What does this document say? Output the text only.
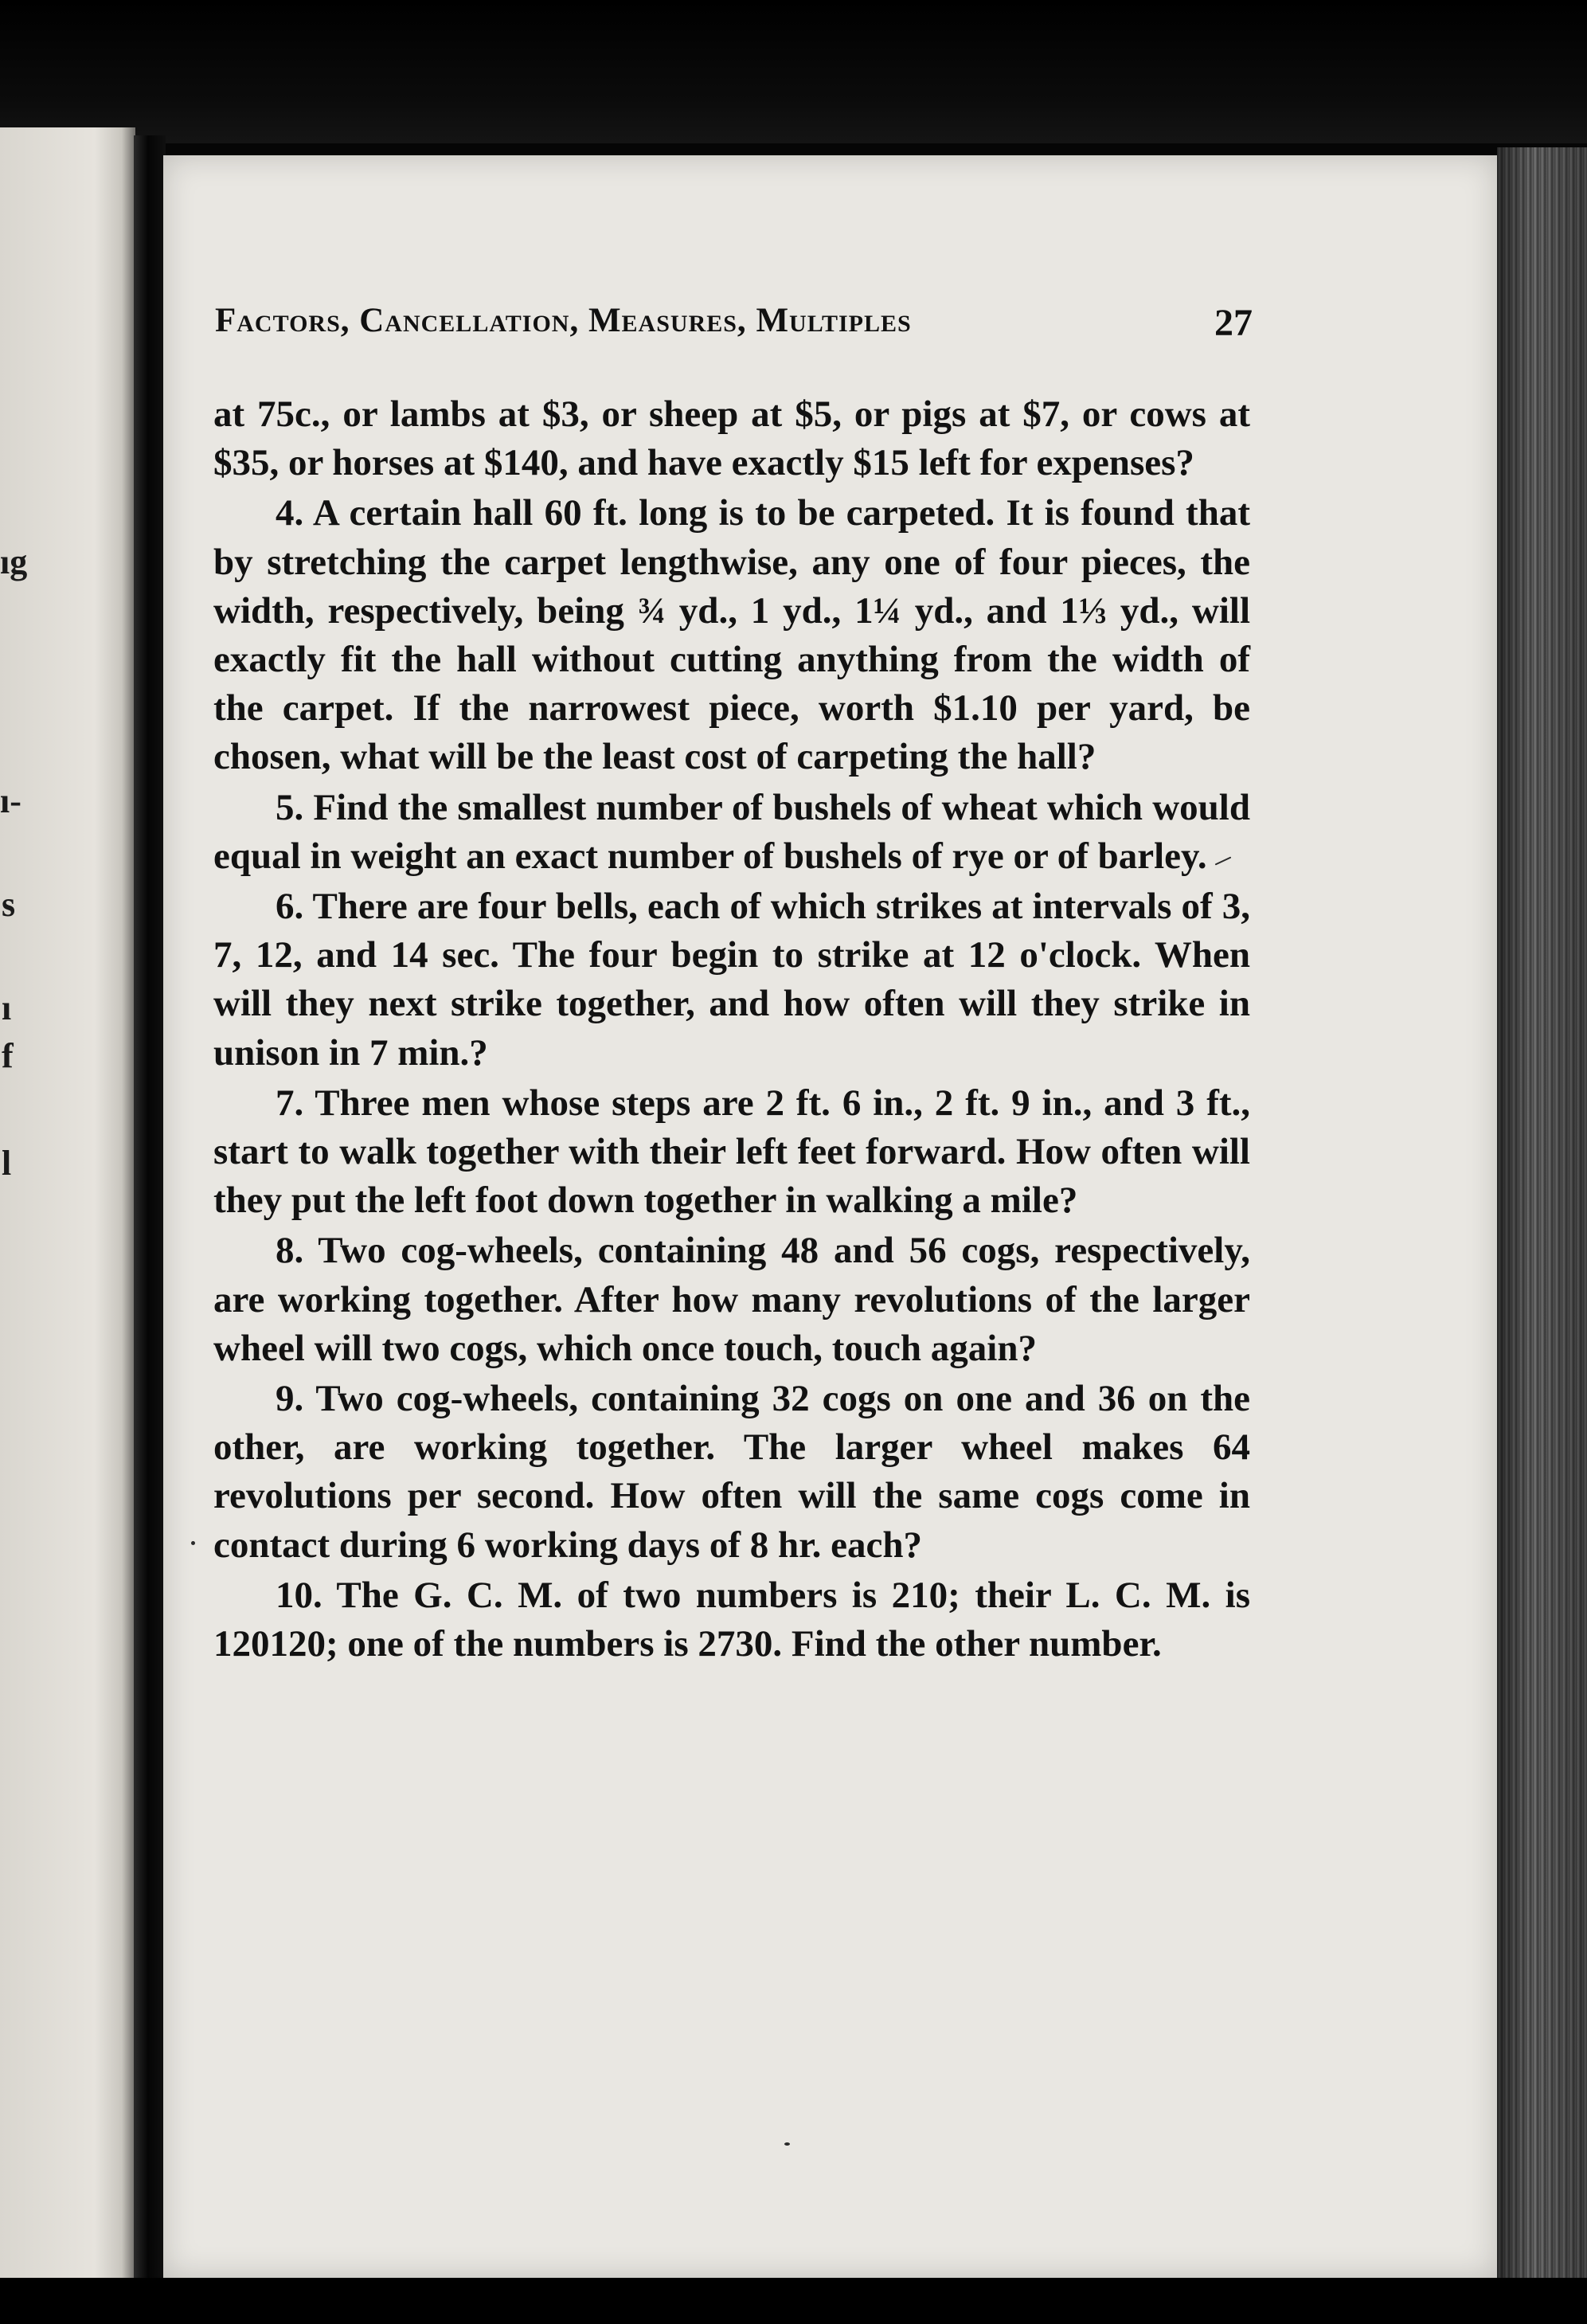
ıg
ı-
s
ı
f
l
Factors, Cancellation, Measures, Multiples	27

at 75c., or lambs at $3, or sheep at $5, or pigs at $7, or cows at $35, or horses at $140, and have exactly $15 left for expenses?

4. A certain hall 60 ft. long is to be carpeted. It is found that by stretching the carpet lengthwise, any one of four pieces, the width, respectively, being ¾ yd., 1 yd., 1¼ yd., and 1⅓ yd., will exactly fit the hall without cutting anything from the width of the carpet. If the narrowest piece, worth $1.10 per yard, be chosen, what will be the least cost of carpeting the hall?

5. Find the smallest number of bushels of wheat which would equal in weight an exact number of bushels of rye or of barley.

6. There are four bells, each of which strikes at intervals of 3, 7, 12, and 14 sec. The four begin to strike at 12 o'clock. When will they next strike together, and how often will they strike in unison in 7 min.?

7. Three men whose steps are 2 ft. 6 in., 2 ft. 9 in., and 3 ft., start to walk together with their left feet forward. How often will they put the left foot down together in walking a mile?

8. Two cog-wheels, containing 48 and 56 cogs, respectively, are working together. After how many revolutions of the larger wheel will two cogs, which once touch, touch again?

9. Two cog-wheels, containing 32 cogs on one and 36 on the other, are working together. The larger wheel makes 64 revolutions per second. How often will the same cogs come in contact during 6 working days of 8 hr. each?

10. The G. C. M. of two numbers is 210; their L. C. M. is 120120; one of the numbers is 2730. Find the other number.
